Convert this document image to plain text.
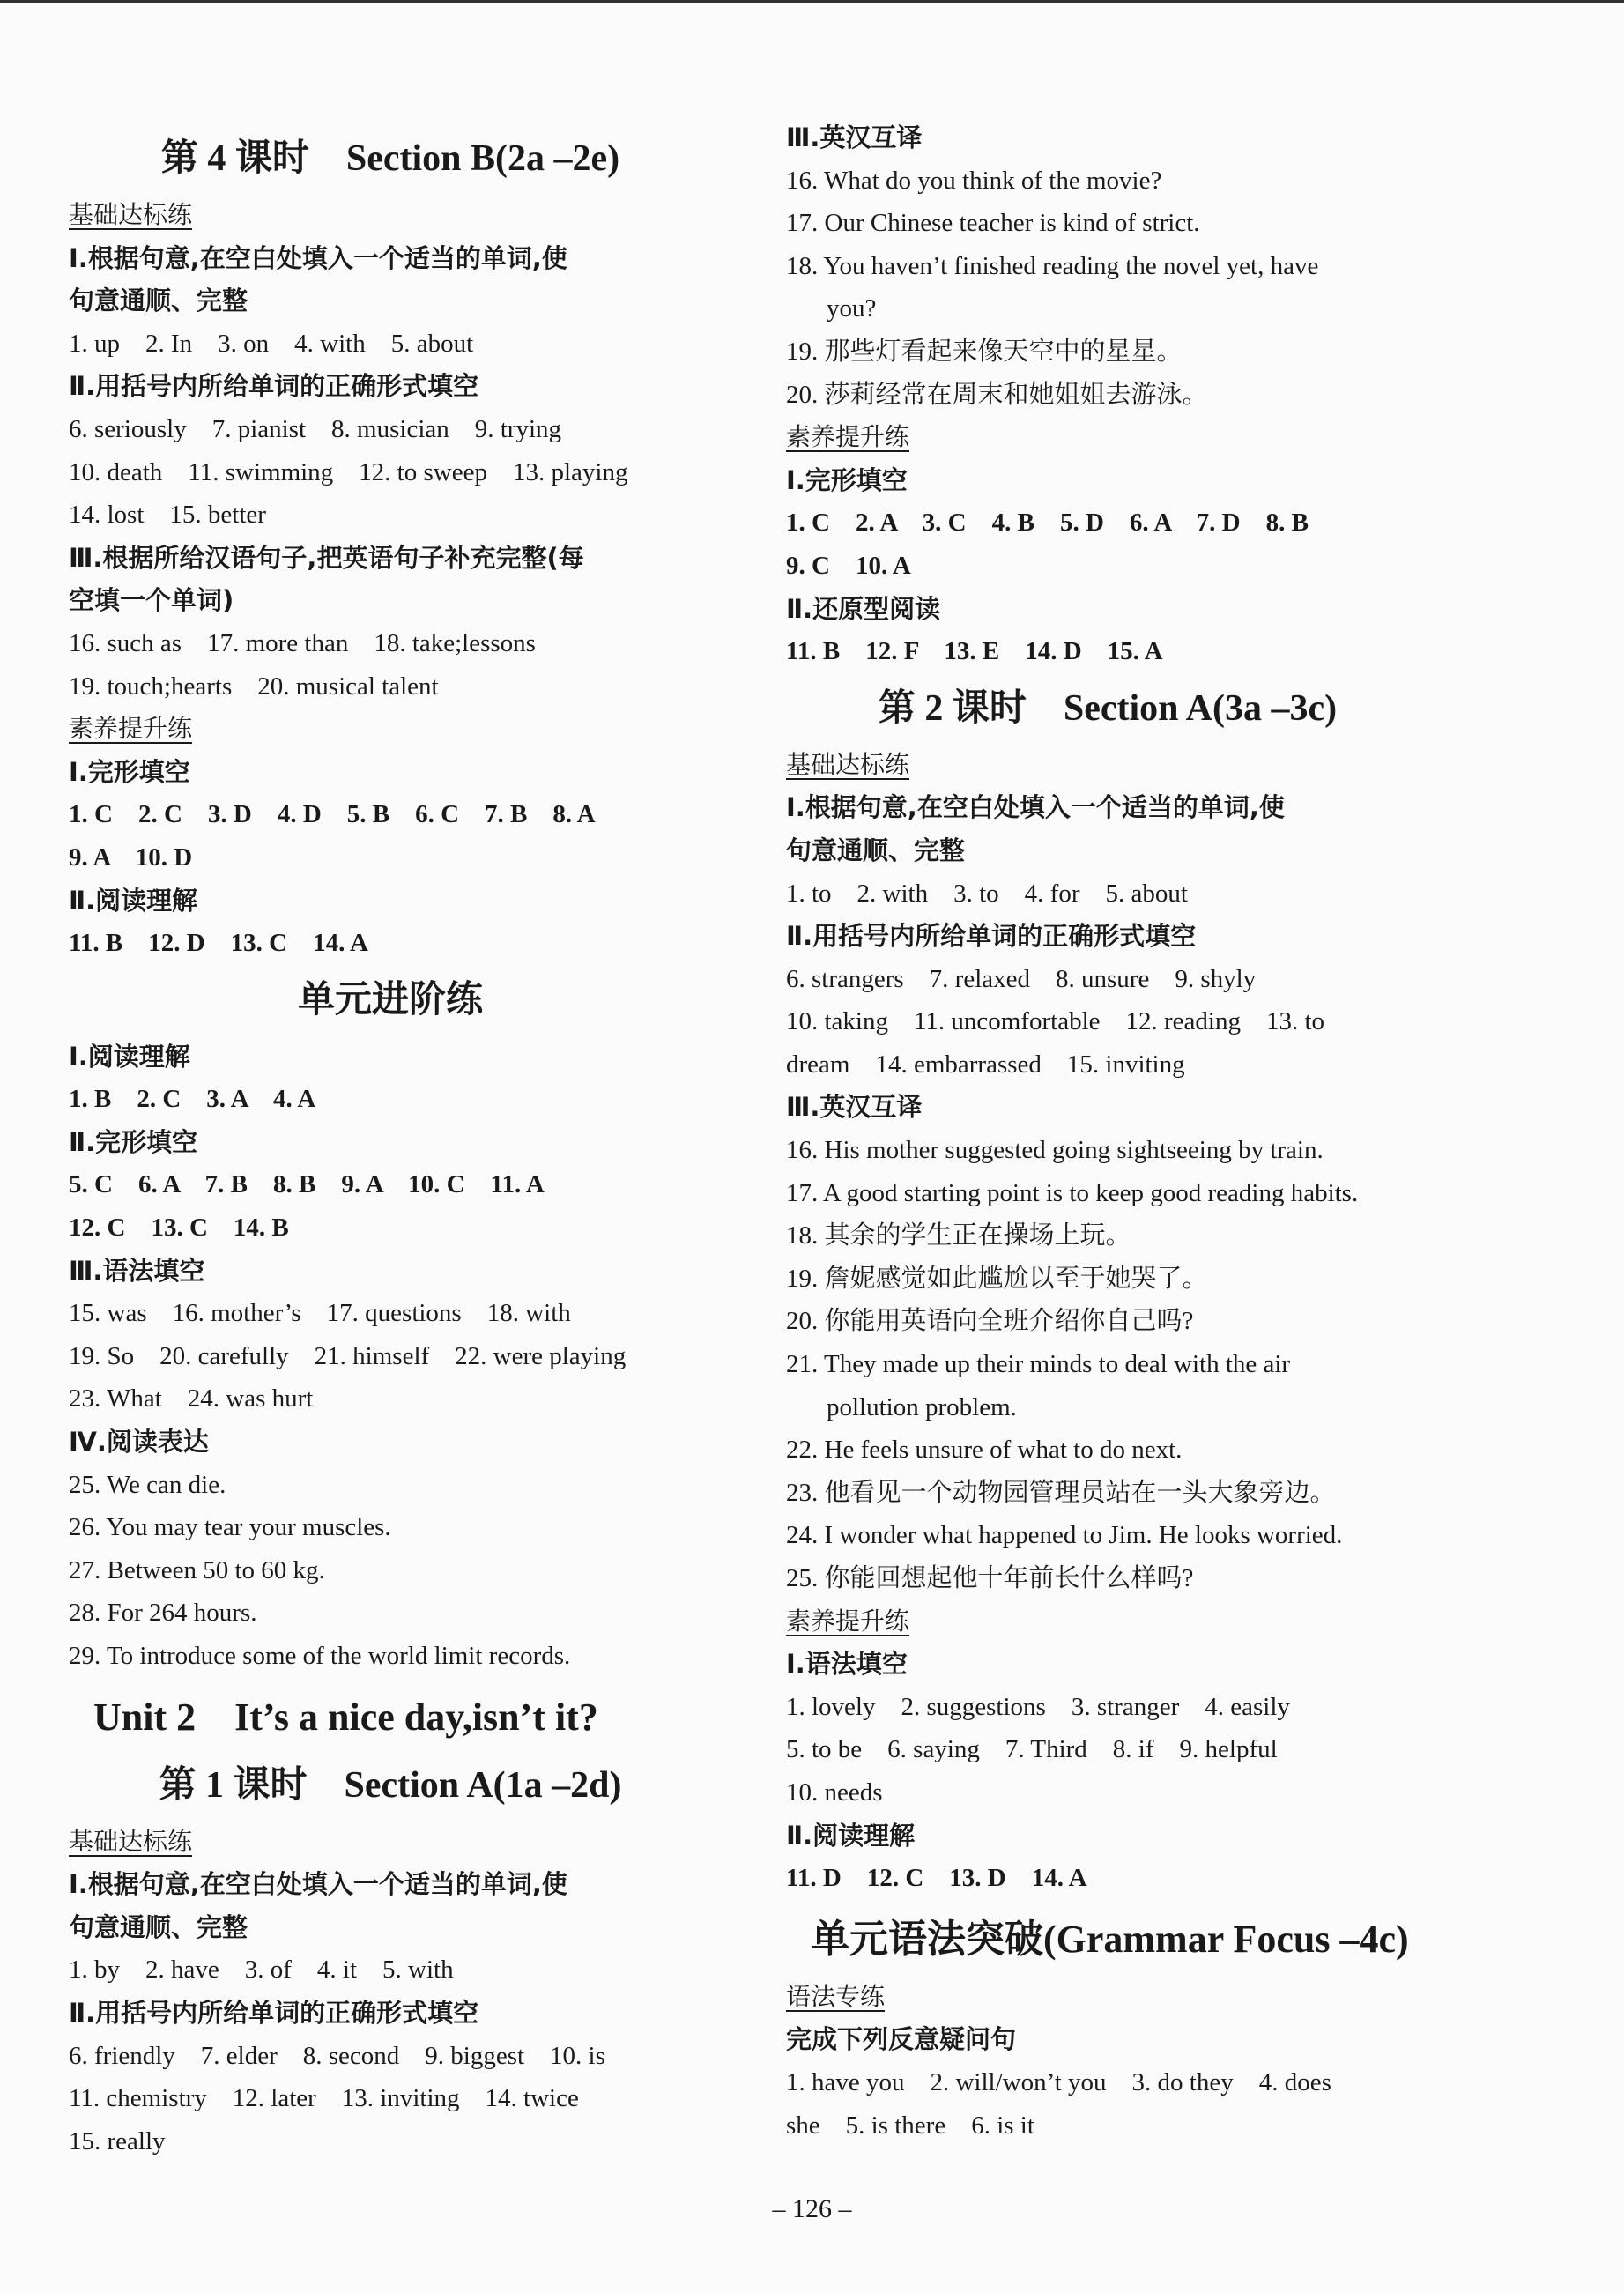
第 4 课时　Section B(2a –2e)
基础达标练
Ⅰ.根据句意,在空白处填入一个适当的单词,使
句意通顺、完整
1. up　2. In　3. on　4. with　5. about
Ⅱ.用括号内所给单词的正确形式填空
6. seriously　7. pianist　8. musician　9. trying
10. death　11. swimming　12. to sweep　13. playing
14. lost　15. better
Ⅲ.根据所给汉语句子,把英语句子补充完整(每
空填一个单词)
16. such as　17. more than　18. take;lessons
19. touch;hearts　20. musical talent
素养提升练
Ⅰ.完形填空
1. C　2. C　3. D　4. D　5. B　6. C　7. B　8. A
9. A　10. D
Ⅱ.阅读理解
11. B　12. D　13. C　14. A
单元进阶练
Ⅰ.阅读理解
1. B　2. C　3. A　4. A
Ⅱ.完形填空
5. C　6. A　7. B　8. B　9. A　10. C　11. A
12. C　13. C　14. B
Ⅲ.语法填空
15. was　16. mother’s　17. questions　18. with
19. So　20. carefully　21. himself　22. were playing
23. What　24. was hurt
Ⅳ.阅读表达
25. We can die.
26. You may tear your muscles.
27. Between 50 to 60 kg.
28. For 264 hours.
29. To introduce some of the world limit records.
Unit 2　It’s a nice day,isn’t it?
第 1 课时　Section A(1a –2d)
基础达标练
Ⅰ.根据句意,在空白处填入一个适当的单词,使
句意通顺、完整
1. by　2. have　3. of　4. it　5. with
Ⅱ.用括号内所给单词的正确形式填空
6. friendly　7. elder　8. second　9. biggest　10. is
11. chemistry　12. later　13. inviting　14. twice
15. really
Ⅲ.英汉互译
16. What do you think of the movie?
17. Our Chinese teacher is kind of strict.
18. You haven’t finished reading the novel yet, have
you?
19. 那些灯看起来像天空中的星星。
20. 莎莉经常在周末和她姐姐去游泳。
素养提升练
Ⅰ.完形填空
1. C　2. A　3. C　4. B　5. D　6. A　7. D　8. B
9. C　10. A
Ⅱ.还原型阅读
11. B　12. F　13. E　14. D　15. A
第 2 课时　Section A(3a –3c)
基础达标练
Ⅰ.根据句意,在空白处填入一个适当的单词,使
句意通顺、完整
1. to　2. with　3. to　4. for　5. about
Ⅱ.用括号内所给单词的正确形式填空
6. strangers　7. relaxed　8. unsure　9. shyly
10. taking　11. uncomfortable　12. reading　13. to
dream　14. embarrassed　15. inviting
Ⅲ.英汉互译
16. His mother suggested going sightseeing by train.
17. A good starting point is to keep good reading habits.
18. 其余的学生正在操场上玩。
19. 詹妮感觉如此尴尬以至于她哭了。
20. 你能用英语向全班介绍你自己吗?
21. They made up their minds to deal with the air
pollution problem.
22. He feels unsure of what to do next.
23. 他看见一个动物园管理员站在一头大象旁边。
24. I wonder what happened to Jim. He looks worried.
25. 你能回想起他十年前长什么样吗?
素养提升练
Ⅰ.语法填空
1. lovely　2. suggestions　3. stranger　4. easily
5. to be　6. saying　7. Third　8. if　9. helpful
10. needs
Ⅱ.阅读理解
11. D　12. C　13. D　14. A
单元语法突破(Grammar Focus –4c)
语法专练
完成下列反意疑问句
1. have you　2. will/won’t you　3. do they　4. does
she　5. is there　6. is it
– 126 –
